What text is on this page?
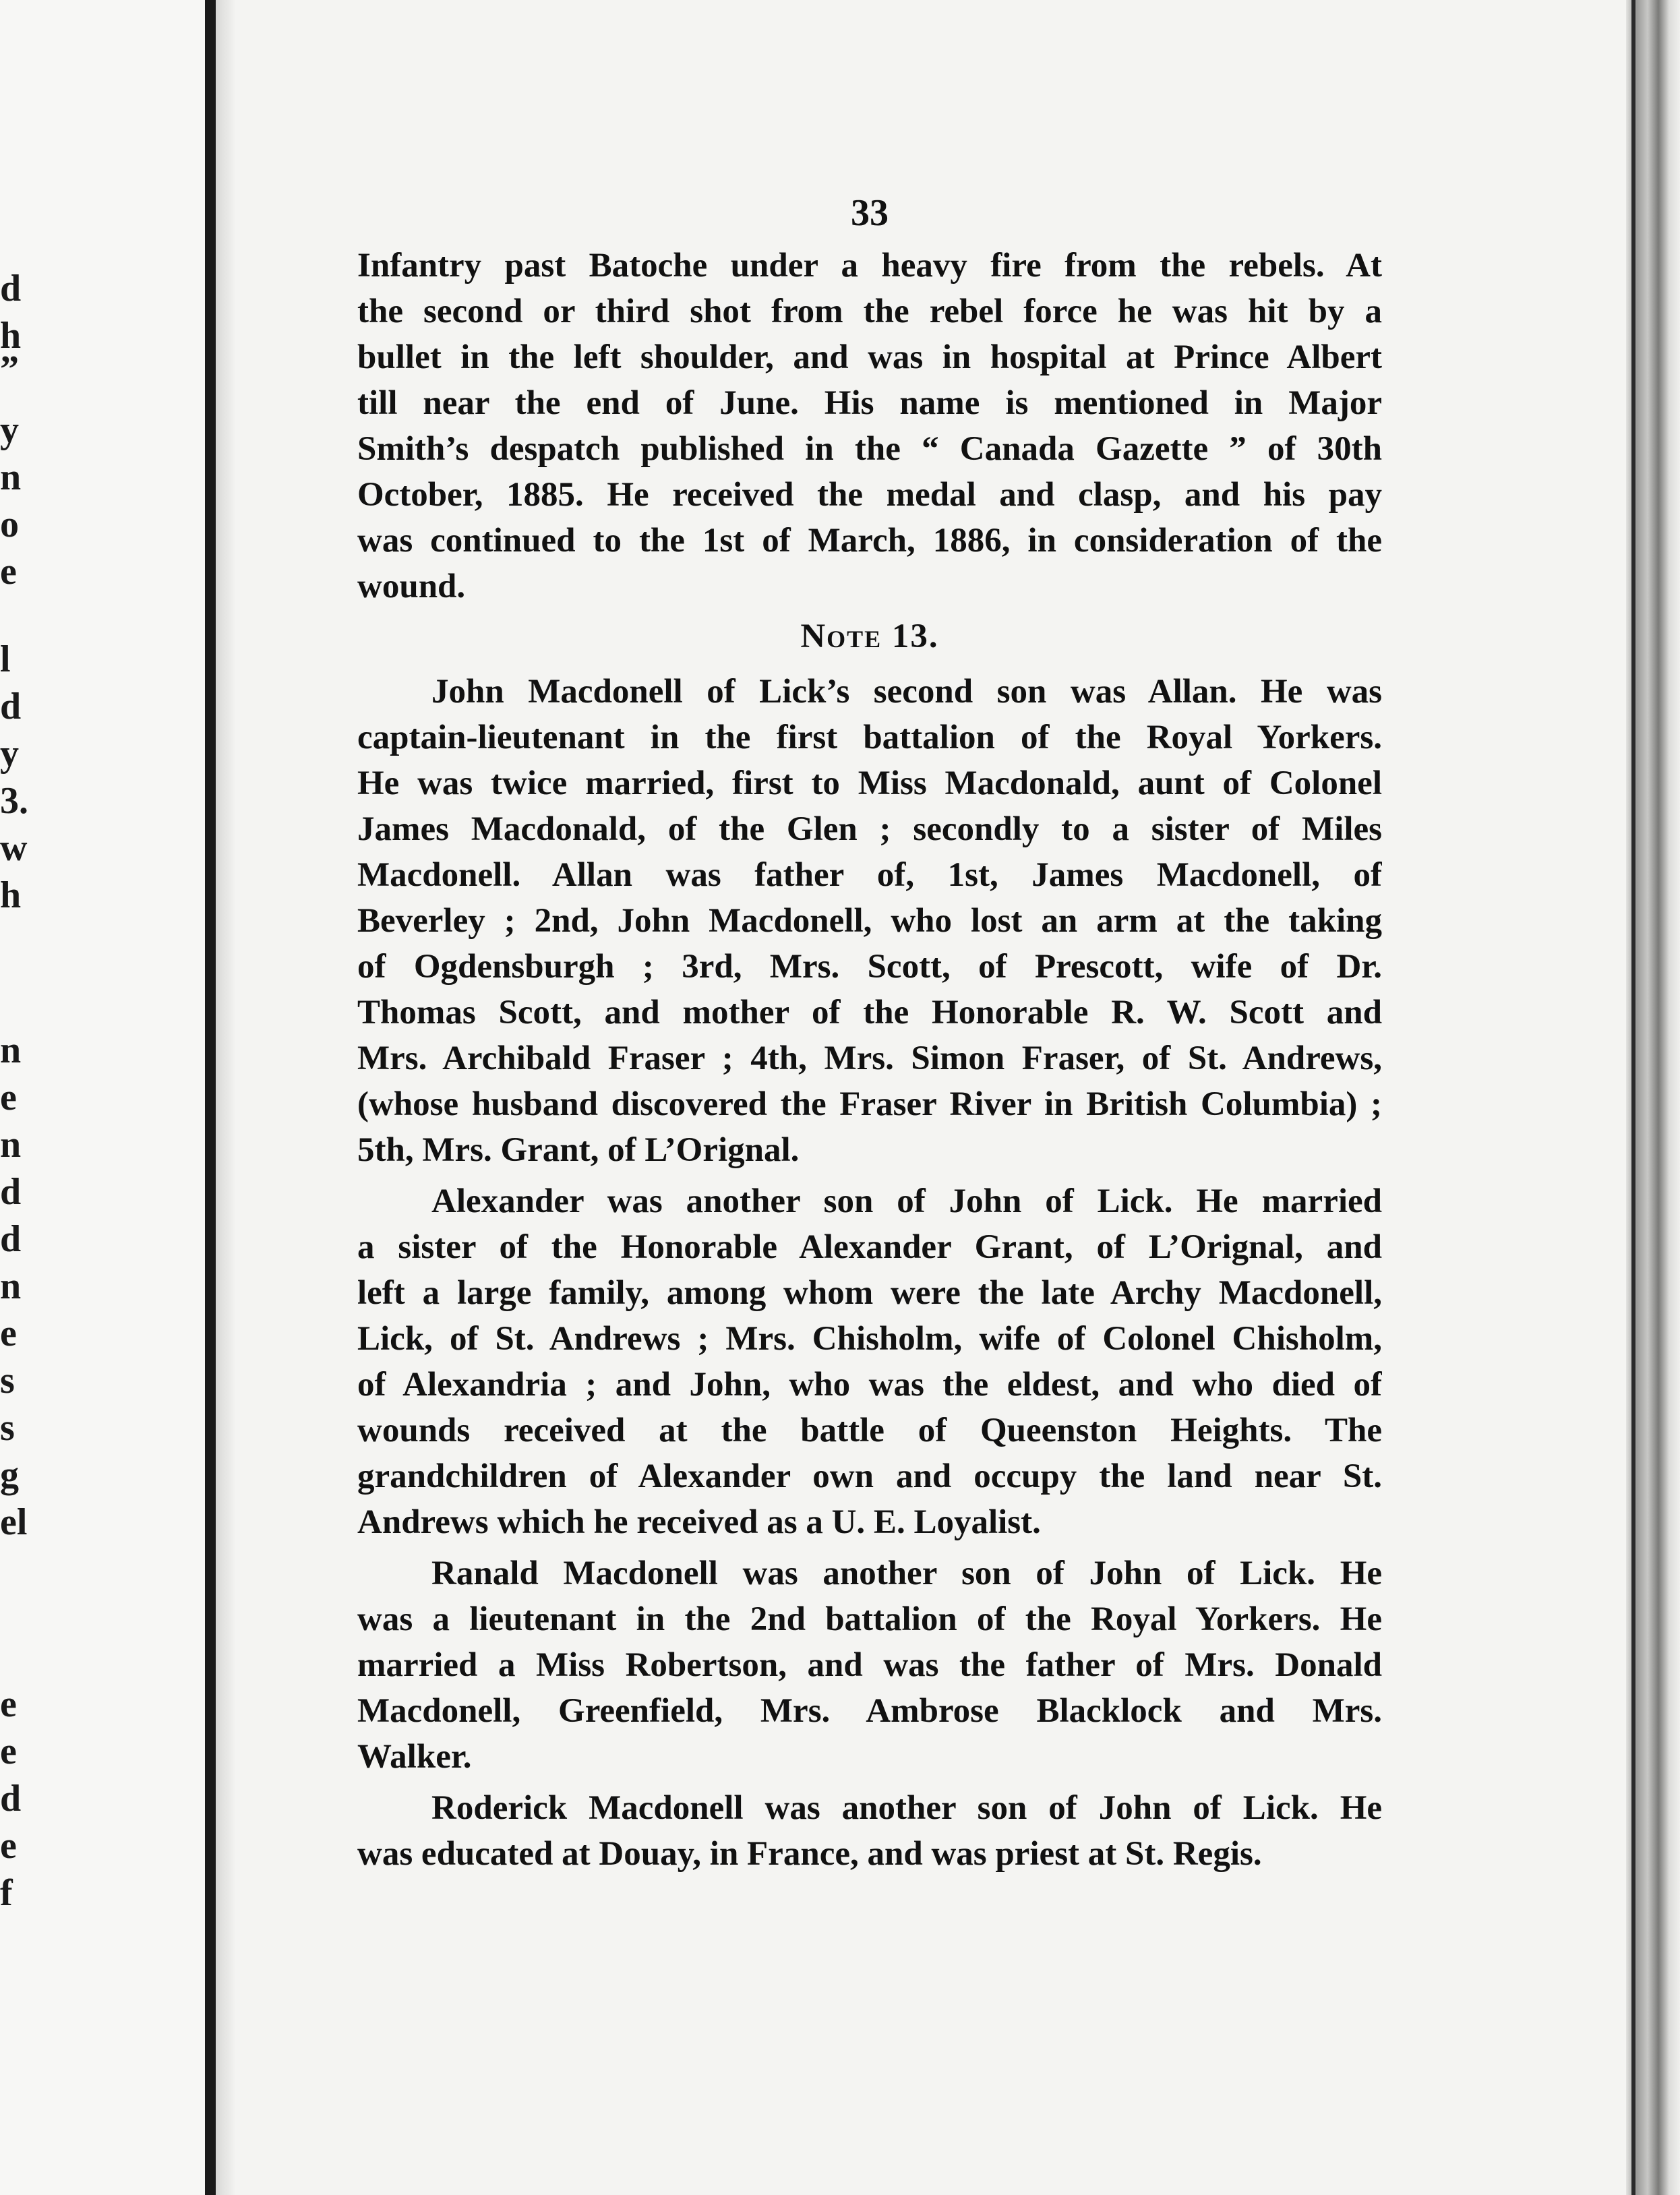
d
h
”
y
n
o
e
l
d
y
3.
w
h
n
e
n
d
d
n
e
s
s
g
el
e
e
d
e
f
33
Infantry past Batoche under a heavy fire from the rebels. At
the second or third shot from the rebel force he was hit by a
bullet in the left shoulder, and was in hospital at Prince Albert
till near the end of June. His name is mentioned in Major
Smith’s despatch published in the “ Canada Gazette ” of 30th
October, 1885. He received the medal and clasp, and his pay
was continued to the 1st of March, 1886, in consideration of the
wound.
Note 13.
John Macdonell of Lick’s second son was Allan. He was
captain-lieutenant in the first battalion of the Royal Yorkers.
He was twice married, first to Miss Macdonald, aunt of Colonel
James Macdonald, of the Glen ; secondly to a sister of Miles
Macdonell. Allan was father of, 1st, James Macdonell, of
Beverley ; 2nd, John Macdonell, who lost an arm at the taking
of Ogdensburgh ; 3rd, Mrs. Scott, of Prescott, wife of Dr.
Thomas Scott, and mother of the Honorable R. W. Scott and
Mrs. Archibald Fraser ; 4th, Mrs. Simon Fraser, of St. Andrews,
(whose husband discovered the Fraser River in British Columbia) ;
5th, Mrs. Grant, of L’Orignal.
Alexander was another son of John of Lick. He married
a sister of the Honorable Alexander Grant, of L’Orignal, and
left a large family, among whom were the late Archy Macdonell,
Lick, of St. Andrews ; Mrs. Chisholm, wife of Colonel Chisholm,
of Alexandria ; and John, who was the eldest, and who died of
wounds received at the battle of Queenston Heights. The
grandchildren of Alexander own and occupy the land near St.
Andrews which he received as a U. E. Loyalist.
Ranald Macdonell was another son of John of Lick. He
was a lieutenant in the 2nd battalion of the Royal Yorkers. He
married a Miss Robertson, and was the father of Mrs. Donald
Macdonell, Greenfield, Mrs. Ambrose Blacklock and Mrs.
Walker.
Roderick Macdonell was another son of John of Lick. He
was educated at Douay, in France, and was priest at St. Regis.
